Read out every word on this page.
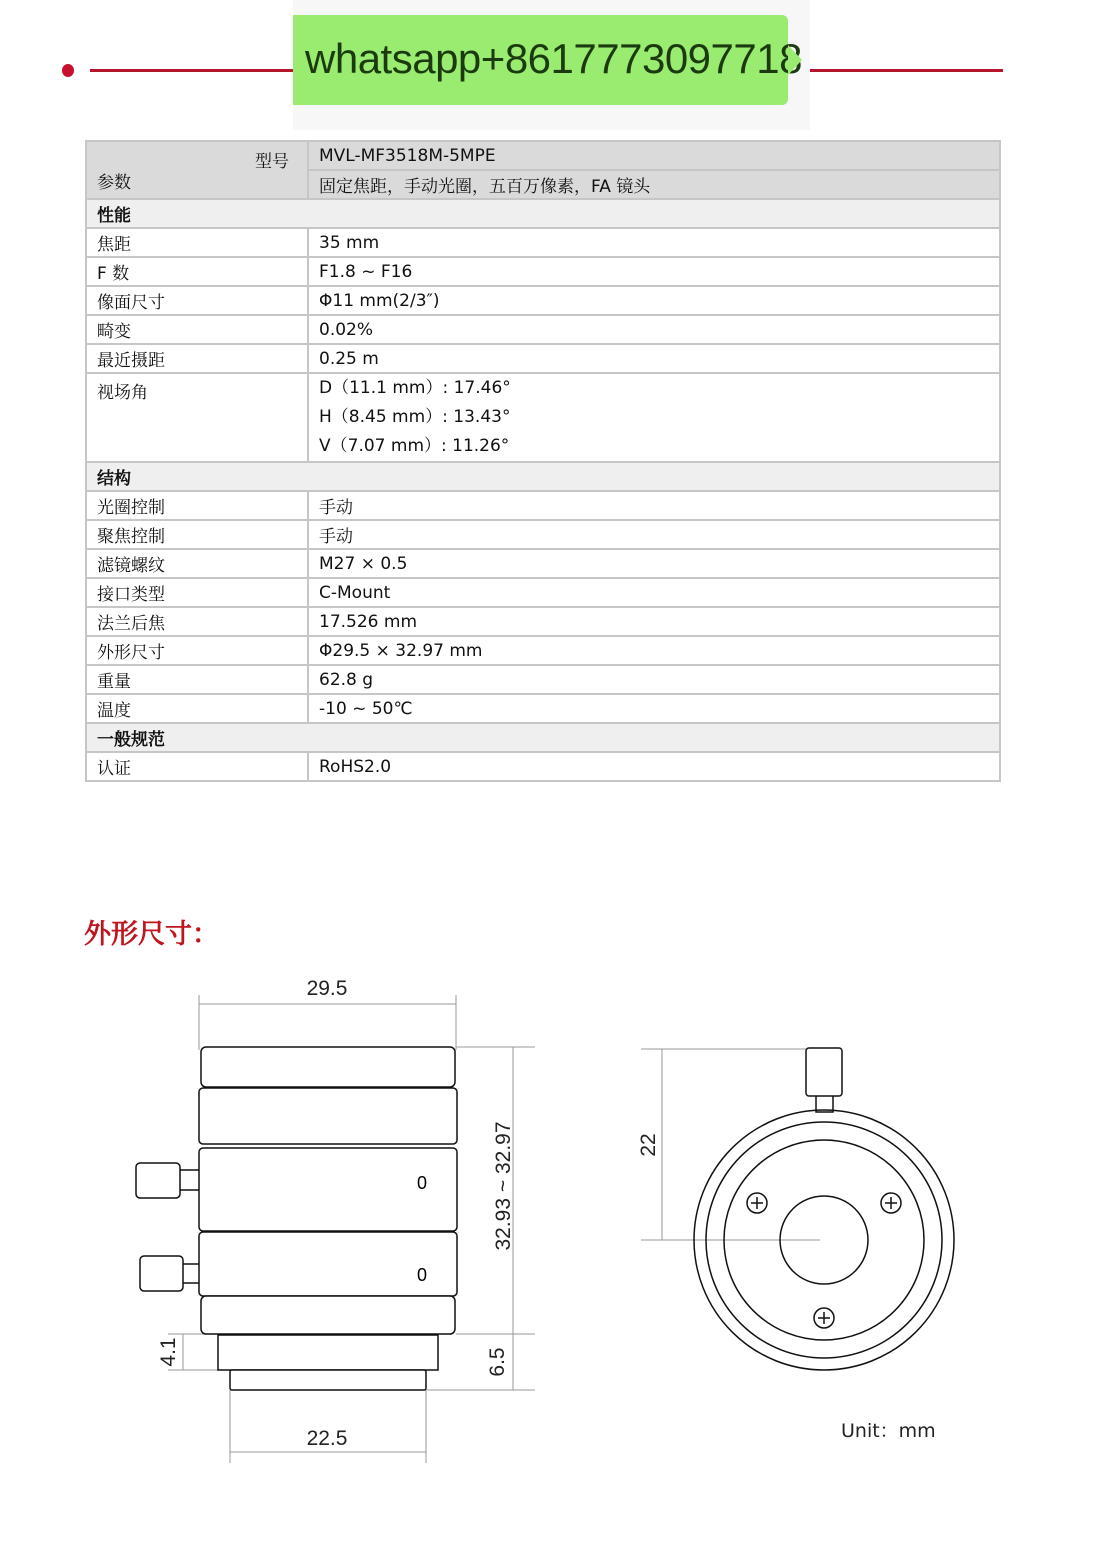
whatsapp+8617773097718
型号
参数	MVL-MF3518M-5MPE
	固定焦距，手动光圈，五百万像素，FA 镜头
性能	
焦距	35 mm
F 数	F1.8 ~ F16
像面尺寸	Φ11 mm(2/3″)
畸变	0.02%
最近摄距	0.25 m
视场角	D（11.1 mm）: 17.46°
H（8.45 mm）: 13.43°
V（7.07 mm）: 11.26°

结构	
光圈控制	手动
聚焦控制	手动
滤镜螺纹	M27 × 0.5
接口类型	C-Mount
法兰后焦	17.526 mm
外形尺寸	Φ29.5 × 32.97 mm
重量	62.8 g
温度	-10 ~ 50℃
一般规范	
认证	RoHS2.0
外形尺寸：
0
0
29.5
22.5
32.93 ~ 32.97
6.5
4.1
22
Unit：mm
